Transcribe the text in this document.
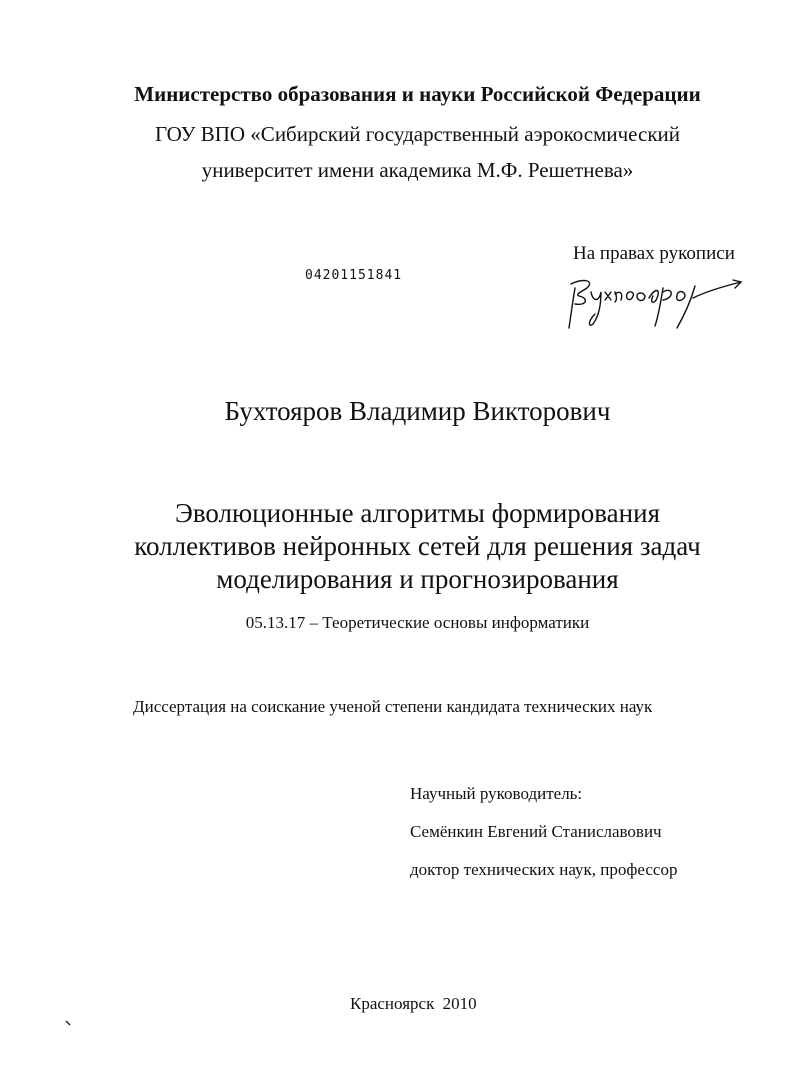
Министерство образования и науки Российской Федерации
ГОУ ВПО «Сибирский государственный аэрокосмический
университет имени академика М.Ф. Решетнева»
04201151841
На правах рукописи
Бухтояров Владимир Викторович
Эволюционные алгоритмы формирования
коллективов нейронных сетей для решения задач
моделирования и прогнозирования
05.13.17 – Теоретические основы информатики
Диссертация на соискание ученой степени кандидата технических наук
Научный руководитель:
Семёнкин Евгений Станиславович
доктор технических наук, профессор
Красноярск 2010
